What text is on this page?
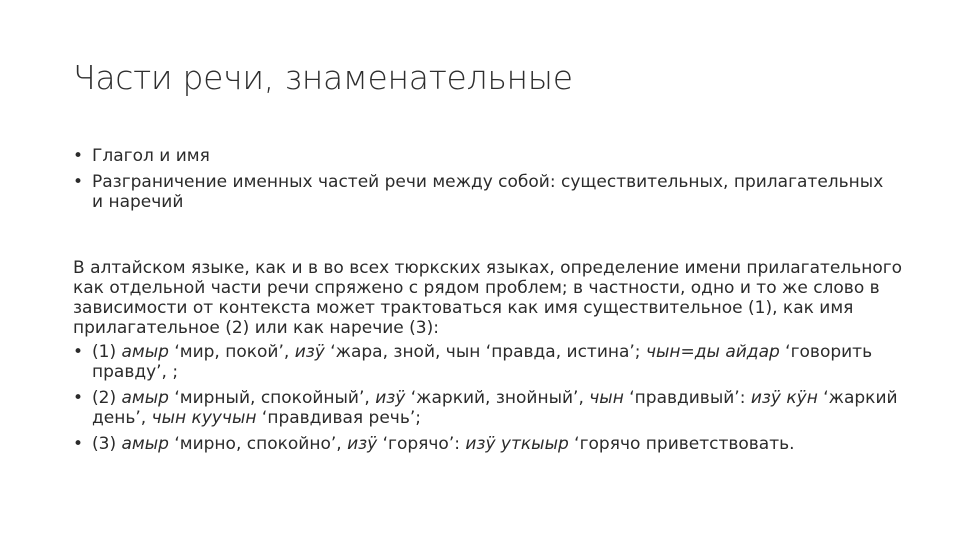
Части речи, знаменательные
• Глагол и имя
• Разграничение именных частей речи между собой: существительных, прилагательных и наречий

В алтайском языке, как и в во всех тюркских языках, определение имени прилагательного как отдельной части речи спряжено с рядом проблем; в частности, одно и то же слово в зависимости от контекста может трактоваться как имя существительное (1), как имя прилагательное (2) или как наречие (3):

• (1) амыр ‘мир, покой’, изӱ ‘жара, зной, чын ‘правда, истина’; чын=ды айдар ‘говорить правду’, ;
• (2) амыр ‘мирный, спокойный’, изӱ ‘жаркий, знойный’, чын ‘правдивый’: изӱ кӱн ‘жаркий день’, чын куучын ‘правдивая речь’;
• (3) амыр ‘мирно, спокойно’, изӱ ‘горячо’: изӱ уткыыр ‘горячо приветствовать.
